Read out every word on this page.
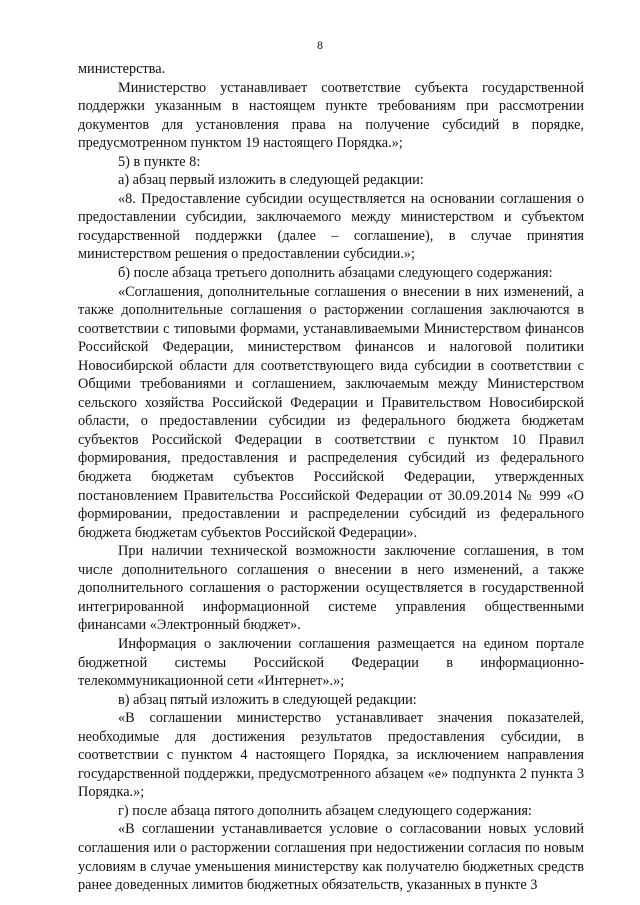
8

министерства.

Министерство устанавливает соответствие субъекта государственной поддержки указанным в настоящем пункте требованиям при рассмотрении документов для установления права на получение субсидий в порядке, предусмотренном пунктом 19 настоящего Порядка.»;

5) в пункте 8:

а) абзац первый изложить в следующей редакции:

«8. Предоставление субсидии осуществляется на основании соглашения о предоставлении субсидии, заключаемого между министерством и субъектом государственной поддержки (далее – соглашение), в случае принятия министерством решения о предоставлении субсидии.»;

б) после абзаца третьего дополнить абзацами следующего содержания:

«Соглашения, дополнительные соглашения о внесении в них изменений, а также дополнительные соглашения о расторжении соглашения заключаются в соответствии с типовыми формами, устанавливаемыми Министерством финансов Российской Федерации, министерством финансов и налоговой политики Новосибирской области для соответствующего вида субсидии в соответствии с Общими требованиями и соглашением, заключаемым между Министерством сельского хозяйства Российской Федерации и Правительством Новосибирской области, о предоставлении субсидии из федерального бюджета бюджетам субъектов Российской Федерации в соответствии с пунктом 10 Правил формирования, предоставления и распределения субсидий из федерального бюджета бюджетам субъектов Российской Федерации, утвержденных постановлением Правительства Российской Федерации от 30.09.2014 № 999 «О формировании, предоставлении и распределении субсидий из федерального бюджета бюджетам субъектов Российской Федерации».

При наличии технической возможности заключение соглашения, в том числе дополнительного соглашения о внесении в него изменений, а также дополнительного соглашения о расторжении осуществляется в государственной интегрированной информационной системе управления общественными финансами «Электронный бюджет».

Информация о заключении соглашения размещается на едином портале бюджетной системы Российской Федерации в информационно-телекоммуникационной сети «Интернет».»;

в) абзац пятый изложить в следующей редакции:

«В соглашении министерство устанавливает значения показателей, необходимые для достижения результатов предоставления субсидии, в соответствии с пунктом 4 настоящего Порядка, за исключением направления государственной поддержки, предусмотренного абзацем «е» подпункта 2 пункта 3 Порядка.»;

г) после абзаца пятого дополнить абзацем следующего содержания:

«В соглашении устанавливается условие о согласовании новых условий соглашения или о расторжении соглашения при недостижении согласия по новым условиям в случае уменьшения министерству как получателю бюджетных средств ранее доведенных лимитов бюджетных обязательств, указанных в пункте 3
